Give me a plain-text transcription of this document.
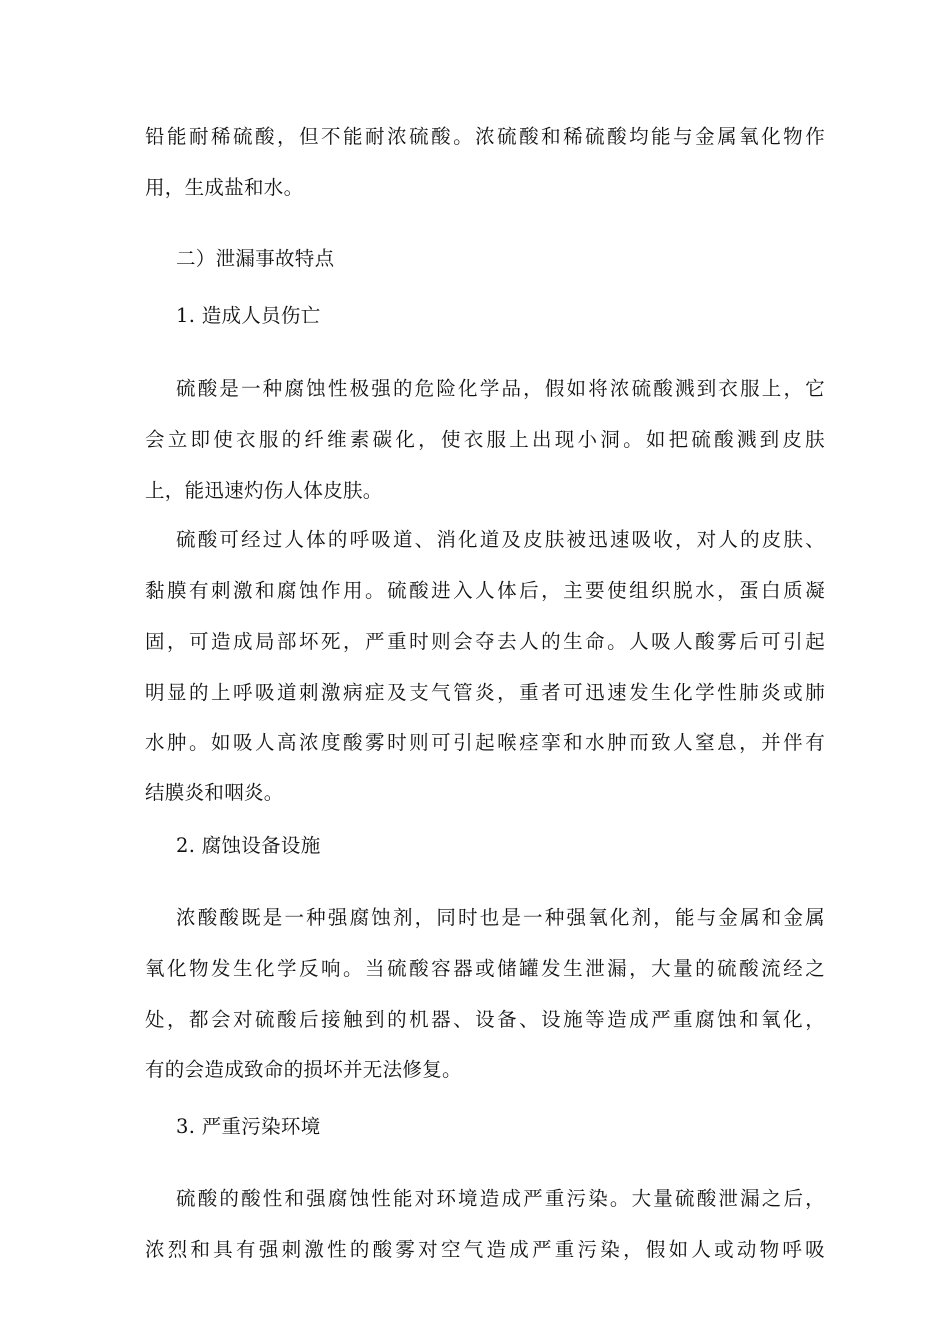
铅能耐稀硫酸，但不能耐浓硫酸。浓硫酸和稀硫酸均能与金属氧化物作
用，生成盐和水。
二）泄漏事故特点
1. 造成人员伤亡
硫酸是一种腐蚀性极强的危险化学品，假如将浓硫酸溅到衣服上，它
会立即使衣服的纤维素碳化，使衣服上出现小洞。如把硫酸溅到皮肤
上，能迅速灼伤人体皮肤。
硫酸可经过人体的呼吸道、消化道及皮肤被迅速吸收，对人的皮肤、
黏膜有刺激和腐蚀作用。硫酸进入人体后，主要使组织脱水，蛋白质凝
固，可造成局部坏死，严重时则会夺去人的生命。人吸人酸雾后可引起
明显的上呼吸道刺激病症及支气管炎，重者可迅速发生化学性肺炎或肺
水肿。如吸人高浓度酸雾时则可引起喉痉挛和水肿而致人窒息，并伴有
结膜炎和咽炎。
2. 腐蚀设备设施
浓酸酸既是一种强腐蚀剂，同时也是一种强氧化剂，能与金属和金属
氧化物发生化学反响。当硫酸容器或储罐发生泄漏，大量的硫酸流经之
处，都会对硫酸后接触到的机器、设备、设施等造成严重腐蚀和氧化，
有的会造成致命的损坏并无法修复。
3. 严重污染环境
硫酸的酸性和强腐蚀性能对环境造成严重污染。大量硫酸泄漏之后，
浓烈和具有强刺激性的酸雾对空气造成严重污染，假如人或动物呼吸
